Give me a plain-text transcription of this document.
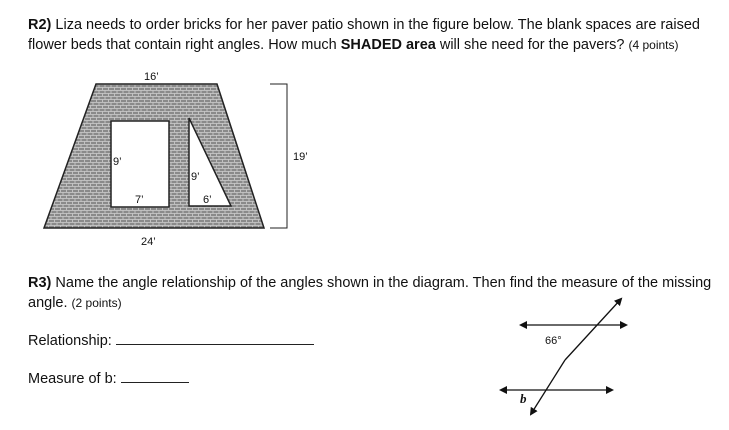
R2) Liza needs to order bricks for her paver patio shown in the figure below. The blank spaces are raised flower beds that contain right angles. How much SHADED area will she need for the pavers? (4 points)
16’
24’
19’
9’
7’
9’
6’
R3) Name the angle relationship of the angles shown in the diagram. Then find the measure of the missing angle. (2 points)
Relationship:
Measure of b:
66°
b
